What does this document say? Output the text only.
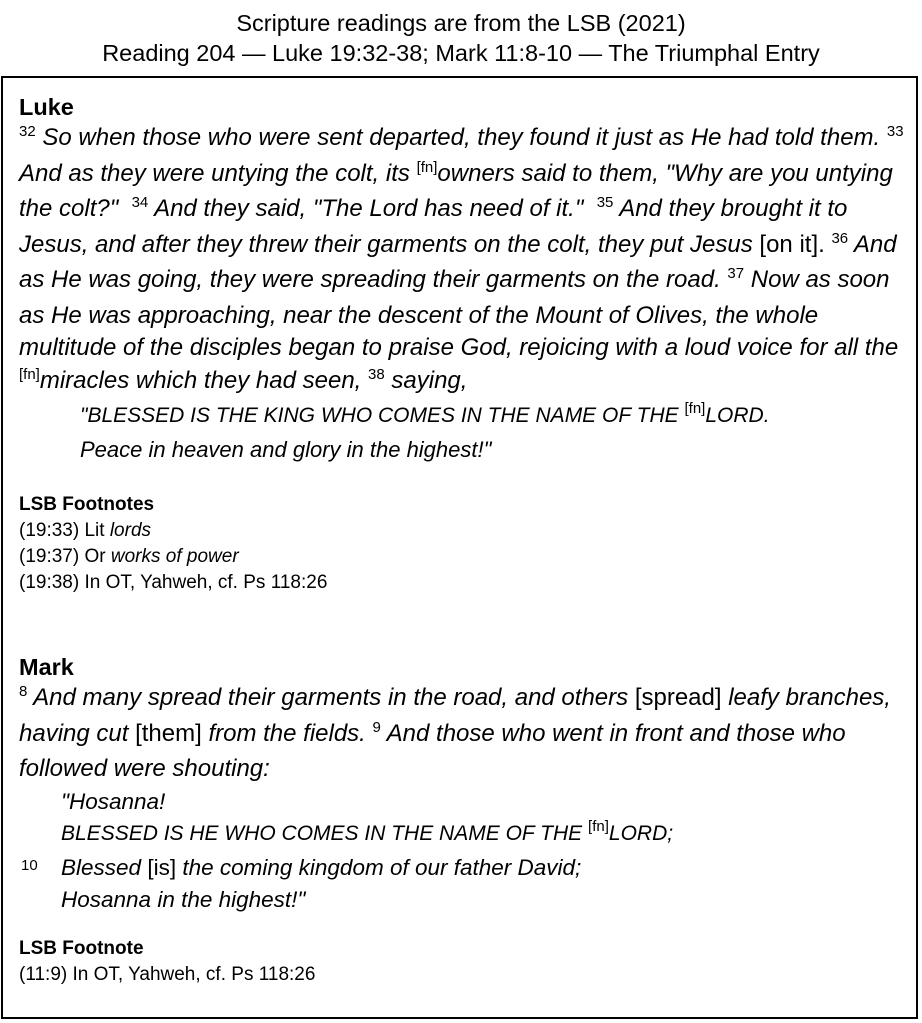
Scripture readings are from the LSB (2021)
Reading 204 — Luke 19:32-38; Mark 11:8-10 — The Triumphal Entry
Luke
$^{32}$ So when those who were sent departed, they found it just as He had told them. $^{33}$ And as they were untying the colt, its [fn]owners said to them, "Why are you untying the colt?" $^{34}$ And they said, "The Lord has need of it." $^{35}$ And they brought it to Jesus, and after they threw their garments on the colt, they put Jesus [on it]. $^{36}$ And as He was going, they were spreading their garments on the road. $^{37}$ Now as soon as He was approaching, near the descent of the Mount of Olives, the whole multitude of the disciples began to praise God, rejoicing with a loud voice for all the [fn]miracles which they had seen, $^{38}$ saying,
"BLESSED IS THE KING WHO COMES IN THE NAME OF THE [fn]LORD.
Peace in heaven and glory in the highest!"
LSB Footnotes
(19:33) Lit lords
(19:37) Or works of power
(19:38) In OT, Yahweh, cf. Ps 118:26
Mark
$^8$ And many spread their garments in the road, and others [spread] leafy branches, having cut [them] from the fields. $^9$ And those who went in front and those who followed were shouting:
"Hosanna!
BLESSED IS HE WHO COMES IN THE NAME OF THE [fn]LORD;
10 Blessed [is] the coming kingdom of our father David;
Hosanna in the highest!"
LSB Footnote
(11:9) In OT, Yahweh, cf. Ps 118:26
